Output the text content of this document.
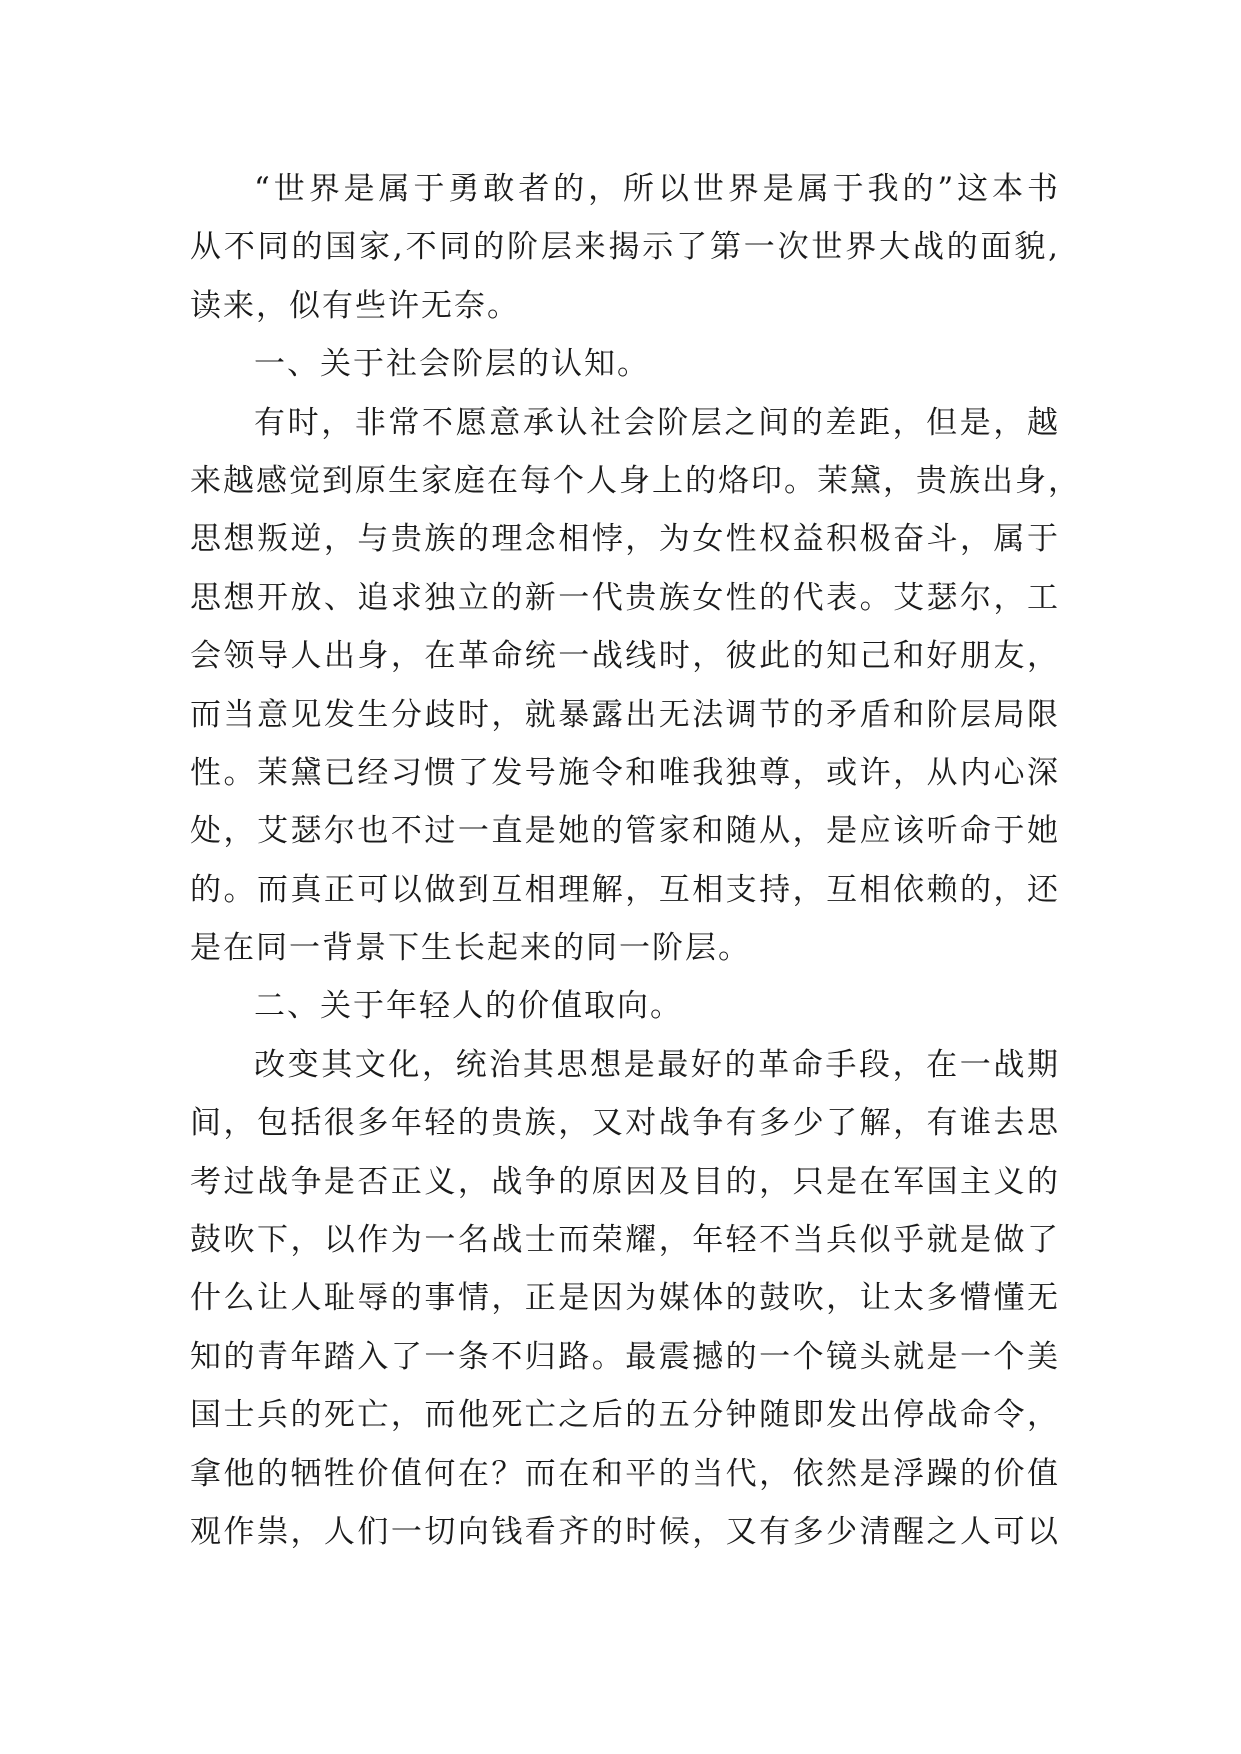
“世界是属于勇敢者的，所以世界是属于我的”这本书
从不同的国家,不同的阶层来揭示了第一次世界大战的面貌,
读来，似有些许无奈。
一、关于社会阶层的认知。
有时，非常不愿意承认社会阶层之间的差距，但是，越
来越感觉到原生家庭在每个人身上的烙印。茉黛，贵族出身，
思想叛逆，与贵族的理念相悖，为女性权益积极奋斗，属于
思想开放、追求独立的新一代贵族女性的代表。艾瑟尔，工
会领导人出身，在革命统一战线时，彼此的知己和好朋友，
而当意见发生分歧时，就暴露出无法调节的矛盾和阶层局限
性。茉黛已经习惯了发号施令和唯我独尊，或许，从内心深
处，艾瑟尔也不过一直是她的管家和随从，是应该听命于她
的。而真正可以做到互相理解，互相支持，互相依赖的，还
是在同一背景下生长起来的同一阶层。
二、关于年轻人的价值取向。
改变其文化，统治其思想是最好的革命手段，在一战期
间，包括很多年轻的贵族，又对战争有多少了解，有谁去思
考过战争是否正义，战争的原因及目的，只是在军国主义的
鼓吹下，以作为一名战士而荣耀，年轻不当兵似乎就是做了
什么让人耻辱的事情，正是因为媒体的鼓吹，让太多懵懂无
知的青年踏入了一条不归路。最震撼的一个镜头就是一个美
国士兵的死亡，而他死亡之后的五分钟随即发出停战命令，
拿他的牺牲价值何在？而在和平的当代，依然是浮躁的价值
观作祟，人们一切向钱看齐的时候，又有多少清醒之人可以
